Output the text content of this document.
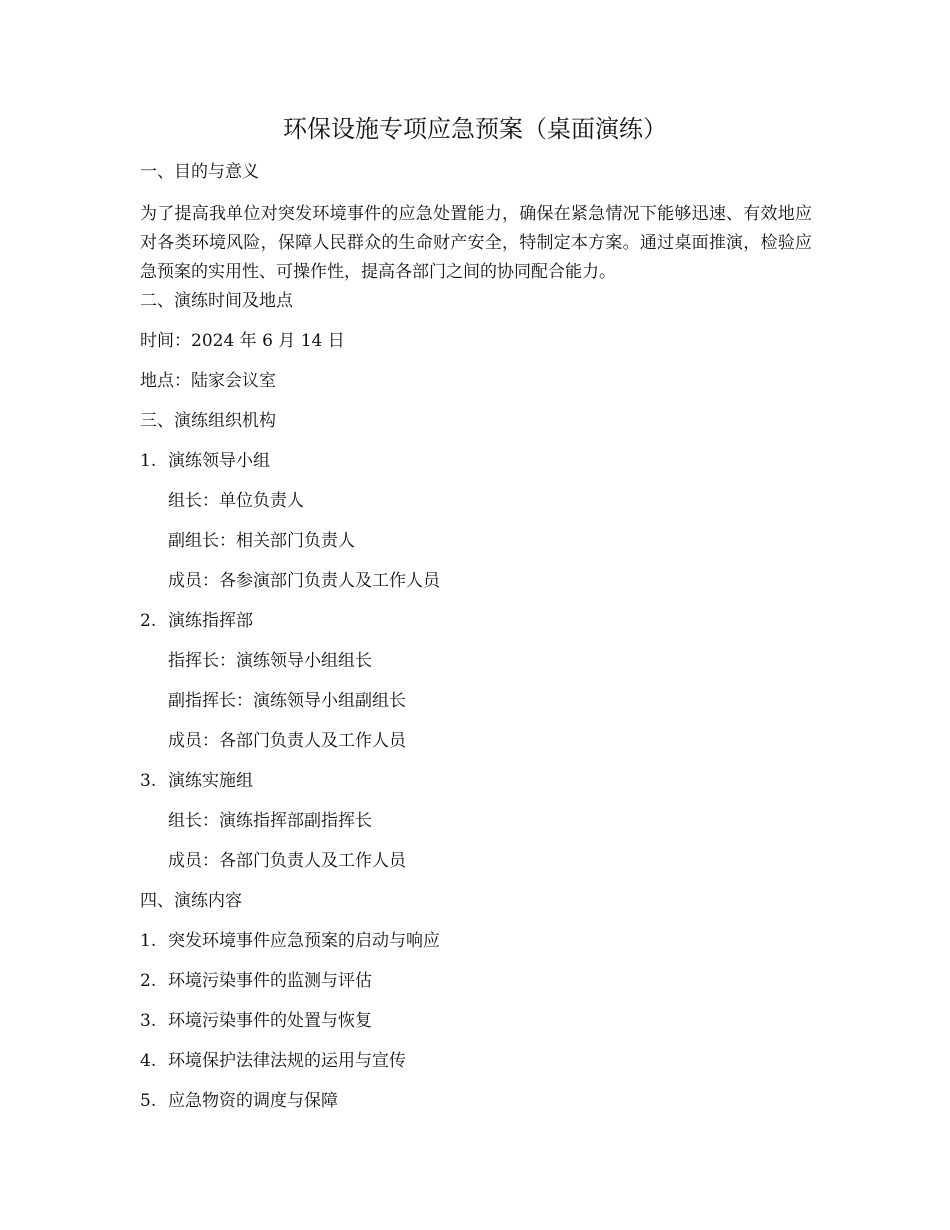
环保设施专项应急预案（桌面演练）

一、目的与意义

为了提高我单位对突发环境事件的应急处置能力，确保在紧急情况下能够迅速、有效地应对各类环境风险，保障人民群众的生命财产安全，特制定本方案。通过桌面推演，检验应急预案的实用性、可操作性，提高各部门之间的协同配合能力。

二、演练时间及地点

时间：2024 年 6 月 14 日

地点：陆家会议室

三、演练组织机构

1. 演练领导小组

组长：单位负责人

副组长：相关部门负责人

成员：各参演部门负责人及工作人员

2. 演练指挥部

指挥长：演练领导小组组长

副指挥长：演练领导小组副组长

成员：各部门负责人及工作人员

3. 演练实施组

组长：演练指挥部副指挥长

成员：各部门负责人及工作人员

四、演练内容

1. 突发环境事件应急预案的启动与响应

2. 环境污染事件的监测与评估

3. 环境污染事件的处置与恢复

4. 环境保护法律法规的运用与宣传

5. 应急物资的调度与保障
